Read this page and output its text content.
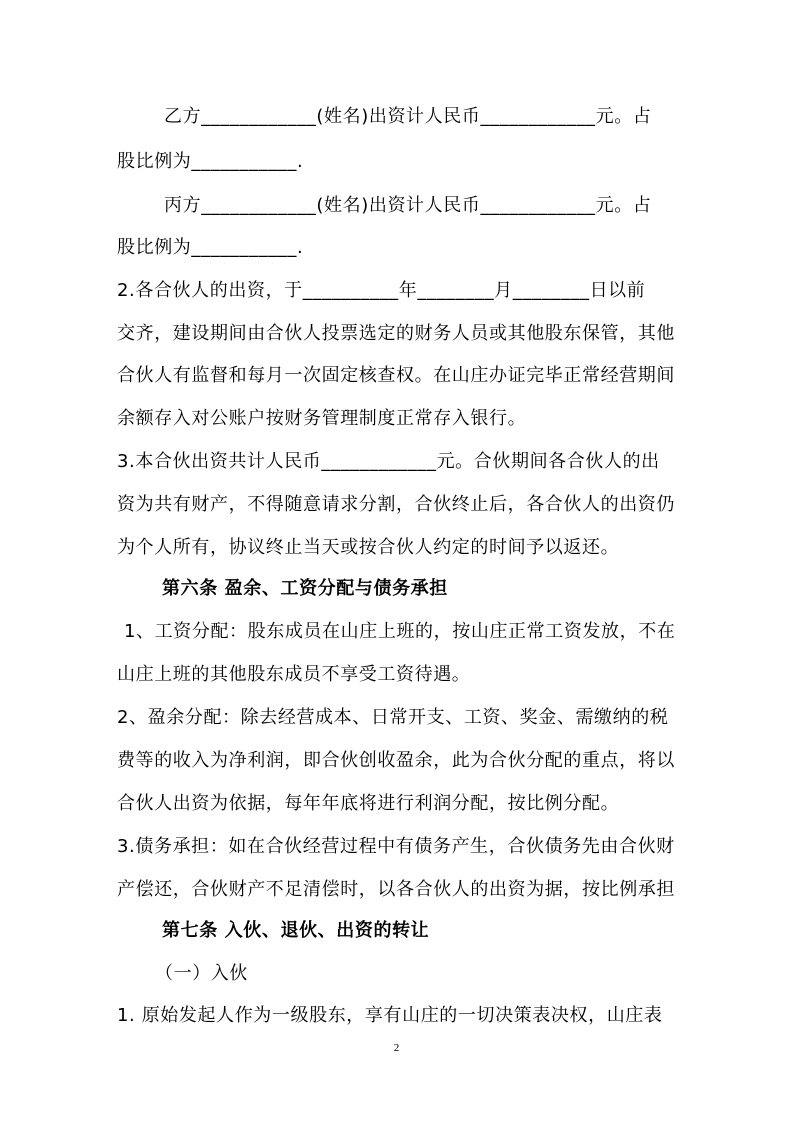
乙方____________(姓名)出资计人民币____________元。占
股比例为___________.
丙方____________(姓名)出资计人民币____________元。占
股比例为___________.
2.各合伙人的出资，于__________年________月________日以前
交齐，建设期间由合伙人投票选定的财务人员或其他股东保管，其他
合伙人有监督和每月一次固定核查权。在山庄办证完毕正常经营期间
余额存入对公账户按财务管理制度正常存入银行。
3.本合伙出资共计人民币____________元。合伙期间各合伙人的出
资为共有财产，不得随意请求分割，合伙终止后，各合伙人的出资仍
为个人所有，协议终止当天或按合伙人约定的时间予以返还。
第六条 盈余、工资分配与债务承担
1、工资分配：股东成员在山庄上班的，按山庄正常工资发放，不在
山庄上班的其他股东成员不享受工资待遇。
2、盈余分配：除去经营成本、日常开支、工资、奖金、需缴纳的税
费等的收入为净利润，即合伙创收盈余，此为合伙分配的重点，将以
合伙人出资为依据，每年年底将进行利润分配，按比例分配。
3.债务承担：如在合伙经营过程中有债务产生，合伙债务先由合伙财
产偿还，合伙财产不足清偿时，以各合伙人的出资为据，按比例承担
第七条 入伙、退伙、出资的转让
（一）入伙
1. 原始发起人作为一级股东，享有山庄的一切决策表决权，山庄表
2
